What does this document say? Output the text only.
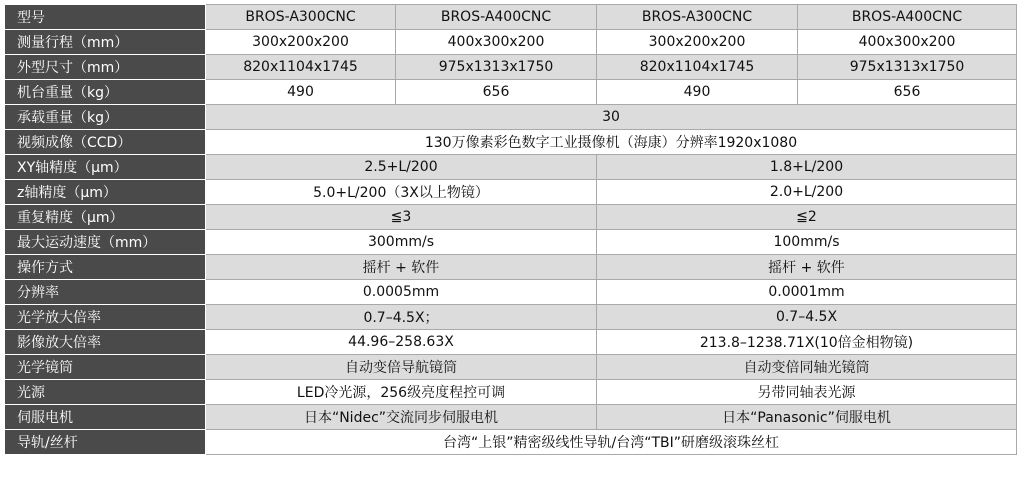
型号	BROS-A300CNC	BROS-A400CNC	BROS-A300CNC	BROS-A400CNC
测量行程（mm）	300x200x200	400x300x200	300x200x200	400x300x200
外型尺寸（mm）	820x1104x1745	975x1313x1750	820x1104x1745	975x1313x1750
机台重量（kg）	490	656	490	656
承载重量（kg）	30			
视频成像（CCD）	130万像素彩色数字工业摄像机（海康）分辨率1920x1080			
XY轴精度（μm）	2.5+L/200		1.8+L/200	
z轴精度（μm）	5.0+L/200（3X以上物镜）		2.0+L/200	
重复精度（μm）	≦3		≦2	
最大运动速度（mm）	300mm/s		100mm/s	
操作方式	摇杆 + 软件		摇杆 + 软件	
分辨率	0.0005mm		0.0001mm	
光学放大倍率	0.7–4.5X；		0.7–4.5X	
影像放大倍率	44.96–258.63X		213.8–1238.71X(10倍金相物镜)	
光学镜筒	自动变倍导航镜筒		自动变倍同轴光镜筒	
光源	LED冷光源，256级亮度程控可调		另带同轴表光源	
伺服电机	日本“Nidec”交流同步伺服电机		日本“Panasonic”伺服电机	
导轨/丝杆	台湾“上银”精密级线性导轨/台湾“TBI”研磨级滚珠丝杠			
